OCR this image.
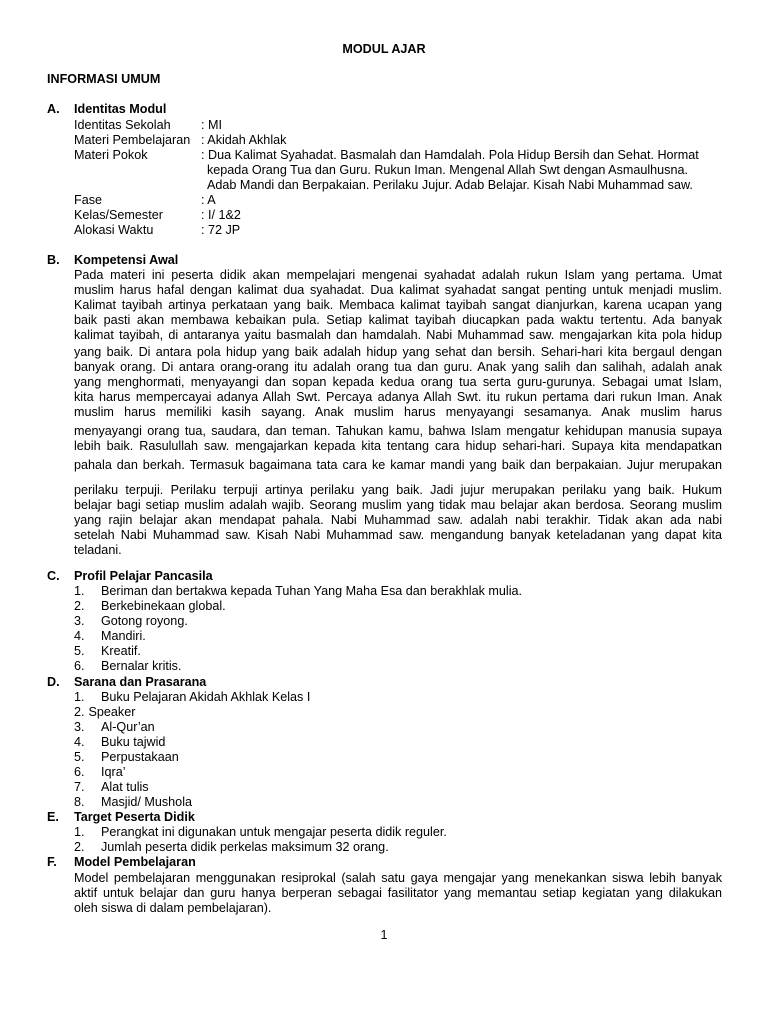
MODUL AJAR
INFORMASI UMUM
A. Identitas Modul
Identitas Sekolah	: MI
Materi Pembelajaran : Akidah Akhlak
Materi Pokok	: Dua Kalimat Syahadat. Basmalah dan Hamdalah. Pola Hidup Bersih dan Sehat. Hormat
kepada Orang Tua dan Guru. Rukun Iman. Mengenal Allah Swt dengan Asmaulhusna.
Adab Mandi dan Berpakaian. Perilaku Jujur. Adab Belajar. Kisah Nabi Muhammad saw.
Fase	: A
Kelas/Semester	: I/ 1&2
Alokasi Waktu	: 72 JP
B. Kompetensi Awal
Pada materi ini peserta didik akan mempelajari mengenai syahadat adalah rukun Islam yang pertama. Umat
muslim harus hafal dengan kalimat dua syahadat. Dua kalimat syahadat sangat penting untuk menjadi muslim.
Kalimat tayibah artinya perkataan yang baik. Membaca kalimat tayibah sangat dianjurkan, karena ucapan yang
baik pasti akan membawa kebaikan pula. Setiap kalimat tayibah diucapkan pada waktu tertentu. Ada banyak
kalimat tayibah, di antaranya yaitu basmalah dan hamdalah. Nabi Muhammad saw. mengajarkan kita pola hidup
yang baik. Di antara pola hidup yang baik adalah hidup yang sehat dan bersih. Sehari-hari kita bergaul dengan
banyak orang. Di antara orang-orang itu adalah orang tua dan guru. Anak yang salih dan salihah, adalah anak
yang menghormati, menyayangi dan sopan kepada kedua orang tua serta guru-gurunya. Sebagai umat Islam,
kita harus mempercayai adanya Allah Swt. Percaya adanya Allah Swt. itu rukun pertama dari rukun Iman. Anak
muslim harus memiliki kasih sayang. Anak muslim harus menyayangi sesamanya. Anak muslim harus
menyayangi orang tua, saudara, dan teman. Tahukan kamu, bahwa Islam mengatur kehidupan manusia supaya
lebih baik. Rasulullah saw. mengajarkan kepada kita tentang cara hidup sehari-hari. Supaya kita mendapatkan
pahala dan berkah. Termasuk bagaimana tata cara ke kamar mandi yang baik dan berpakaian. Jujur merupakan
perilaku terpuji. Perilaku terpuji artinya perilaku yang baik. Jadi jujur merupakan perilaku yang baik. Hukum
belajar bagi setiap muslim adalah wajib. Seorang muslim yang tidak mau belajar akan berdosa. Seorang muslim
yang rajin belajar akan mendapat pahala. Nabi Muhammad saw. adalah nabi terakhir. Tidak akan ada nabi
setelah Nabi Muhammad saw. Kisah Nabi Muhammad saw. mengandung banyak keteladanan yang dapat kita
teladani.
C. Profil Pelajar Pancasila
1. Beriman dan bertakwa kepada Tuhan Yang Maha Esa dan berakhlak mulia.
2. Berkebinekaan global.
3. Gotong royong.
4. Mandiri.
5. Kreatif.
6. Bernalar kritis.
D. Sarana dan Prasarana
1. Buku Pelajaran Akidah Akhlak Kelas I
2. Speaker
3. Al-Qur’an
4. Buku tajwid
5. Perpustakaan
6. Iqra’
7. Alat tulis
8. Masjid/ Mushola
E. Target Peserta Didik
1. Perangkat ini digunakan untuk mengajar peserta didik reguler.
2. Jumlah peserta didik perkelas maksimum 32 orang.
F. Model Pembelajaran
Model pembelajaran menggunakan resiprokal (salah satu gaya mengajar yang menekankan siswa lebih banyak
aktif untuk belajar dan guru hanya berperan sebagai fasilitator yang memantau setiap kegiatan yang dilakukan
oleh siswa di dalam pembelajaran).
1
